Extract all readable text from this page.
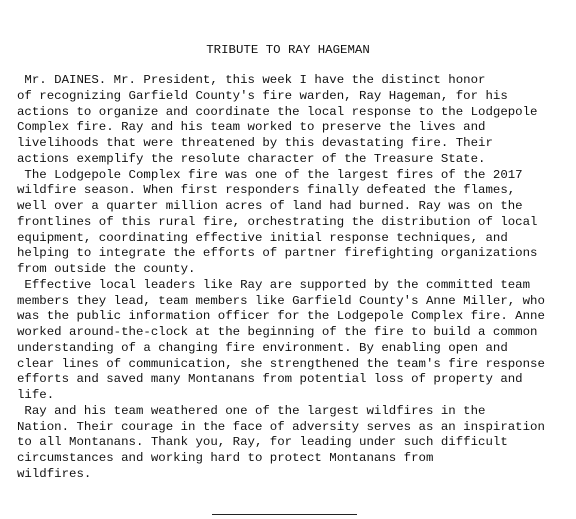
TRIBUTE TO RAY HAGEMAN
Mr. DAINES. Mr. President, this week I have the distinct honor
of recognizing Garfield County's fire warden, Ray Hageman, for his
actions to organize and coordinate the local response to the Lodgepole
Complex fire. Ray and his team worked to preserve the lives and
livelihoods that were threatened by this devastating fire. Their
actions exemplify the resolute character of the Treasure State.
The Lodgepole Complex fire was one of the largest fires of the 2017
wildfire season. When first responders finally defeated the flames,
well over a quarter million acres of land had burned. Ray was on the
frontlines of this rural fire, orchestrating the distribution of local
equipment, coordinating effective initial response techniques, and
helping to integrate the efforts of partner firefighting organizations
from outside the county.
Effective local leaders like Ray are supported by the committed team
members they lead, team members like Garfield County's Anne Miller, who
was the public information officer for the Lodgepole Complex fire. Anne
worked around-the-clock at the beginning of the fire to build a common
understanding of a changing fire environment. By enabling open and
clear lines of communication, she strengthened the team's fire response
efforts and saved many Montanans from potential loss of property and
life.
Ray and his team weathered one of the largest wildfires in the
Nation. Their courage in the face of adversity serves as an inspiration
to all Montanans. Thank you, Ray, for leading under such difficult
circumstances and working hard to protect Montanans from
wildfires.
